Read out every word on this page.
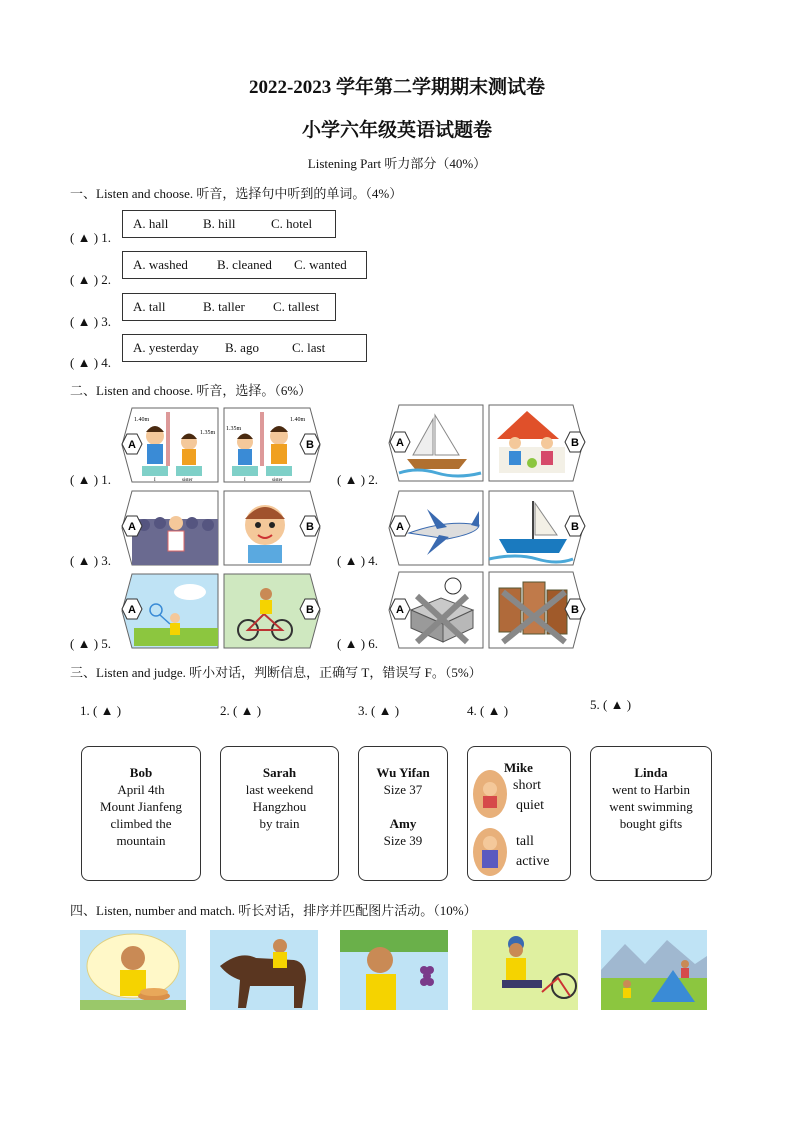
2022-2023 学年第二学期期末测试卷
小学六年级英语试题卷
Listening Part 听力部分（40%）
一、Listen and choose. 听音，选择句中听到的单词。（4%）
( ▲ ) 1.
A. hall	B. hill	C. hotel
( ▲ ) 2.
A. washed	B. cleaned	C. wanted
( ▲ ) 3.
A. tall	B. taller	C. tallest
( ▲ ) 4.
A. yesterday	B. ago	C. last
二、Listen and choose. 听音，选择。（6%）
( ▲ ) 1.
1.40m
1.35m
1.35m
1.40m
I	sister	I	sister	( ▲ ) 2.
( ▲ ) 3.	( ▲ ) 4.
( ▲ ) 5.	( ▲ ) 6.
A	B	A	B
A	B	A	B
A	B	A	B
三、Listen and judge. 听小对话，判断信息，正确写 T，错误写 F。（5%）
1. ( ▲ )	2. ( ▲ )	3. ( ▲ )	4. ( ▲ )	5. ( ▲ )
Bob
April 4th
Mount Jianfeng
climbed the
mountain
Sarah
last weekend
Hangzhou
by train
Wu Yifan
Size 37
Amy
Size 39
Mike
short
quiet
tall
active
Linda
went to Harbin
went swimming
bought gifts
四、Listen, number and match. 听长对话，排序并匹配图片活动。（10%）
